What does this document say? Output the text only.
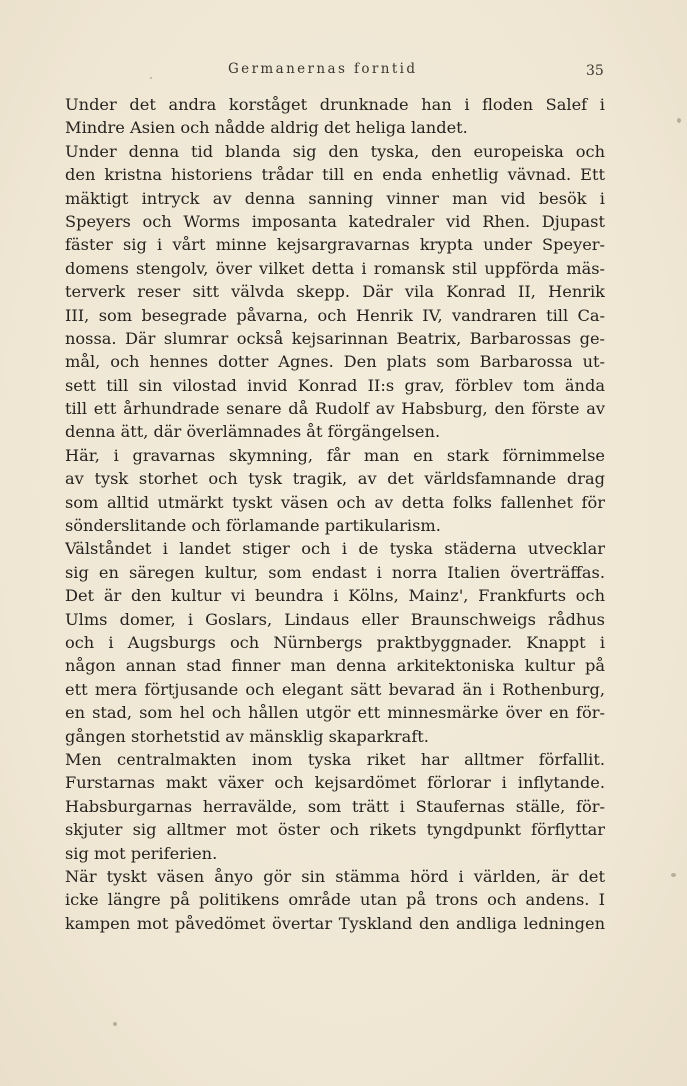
Germanernas forntid	35
Under det andra korståget drunknade han i floden Salef i
Mindre Asien och nådde aldrig det heliga landet.
Under denna tid blanda sig den tyska, den europeiska och
den kristna historiens trådar till en enda enhetlig vävnad. Ett
mäktigt intryck av denna sanning vinner man vid besök i
Speyers och Worms imposanta katedraler vid Rhen. Djupast
fäster sig i vårt minne kejsargravarnas krypta under Speyer-
domens stengolv, över vilket detta i romansk stil uppförda mäs-
terverk reser sitt välvda skepp. Där vila Konrad II, Henrik
III, som besegrade påvarna, och Henrik IV, vandraren till Ca-
nossa. Där slumrar också kejsarinnan Beatrix, Barbarossas ge-
mål, och hennes dotter Agnes. Den plats som Barbarossa ut-
sett till sin vilostad invid Konrad II:s grav, förblev tom ända
till ett århundrade senare då Rudolf av Habsburg, den förste av
denna ätt, där överlämnades åt förgängelsen.
Här, i gravarnas skymning, får man en stark förnimmelse
av tysk storhet och tysk tragik, av det världsfamnande drag
som alltid utmärkt tyskt väsen och av detta folks fallenhet för
sönderslitande och förlamande partikularism.
Välståndet i landet stiger och i de tyska städerna utvecklar
sig en säregen kultur, som endast i norra Italien överträffas.
Det är den kultur vi beundra i Kölns, Mainz', Frankfurts och
Ulms domer, i Goslars, Lindaus eller Braunschweigs rådhus
och i Augsburgs och Nürnbergs praktbyggnader. Knappt i
någon annan stad finner man denna arkitektoniska kultur på
ett mera förtjusande och elegant sätt bevarad än i Rothenburg,
en stad, som hel och hållen utgör ett minnesmärke över en för-
gången storhetstid av mänsklig skaparkraft.
Men centralmakten inom tyska riket har alltmer förfallit.
Furstarnas makt växer och kejsardömet förlorar i inflytande.
Habsburgarnas herravälde, som trätt i Staufernas ställe, för-
skjuter sig alltmer mot öster och rikets tyngdpunkt förflyttar
sig mot periferien.
När tyskt väsen ånyo gör sin stämma hörd i världen, är det
icke längre på politikens område utan på trons och andens. I
kampen mot påvedömet övertar Tyskland den andliga ledningen
